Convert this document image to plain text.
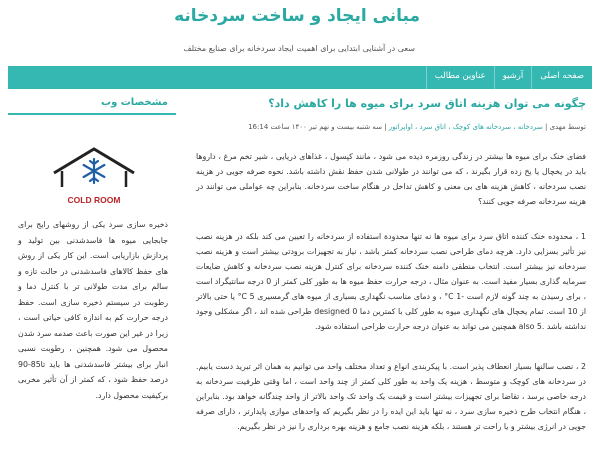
مبانی ایجاد و ساخت سردخانه
سعی در آشنایی ابتدایی برای اهمیت ایجاد سردخانه برای صنایع مختلف
صفحه اصلی
آرشیو
عناوین مطالب
چگونه می توان هزینه اتاق سرد برای میوه ها را کاهش داد؟
توسط مهدی | سردخانه ، سردخانه های کوچک ، اتاق سرد ، اواپراتور | سه شنبه بیست و نهم تیر ۱۴۰۰ ساعت 16:14
فضای خنک برای میوه ها بیشتر در زندگی روزمره دیده می شود ، مانند کپسول ، غذاهای دریایی ، شیر تخم مرغ ، داروها باید در یخچال یا یخ زده قرار بگیرند ، که می توانند در طولانی شدن حفظ نقش داشته باشد. نحوه صرفه جویی در هزینه نصب سردخانه ، کاهش هزینه های بی معنی و کاهش تداخل در هنگام ساخت سردخانه. بنابراین چه عواملی می توانند در هزینه سردخانه صرفه جویی کنند؟
1 ، محدوده خنک کننده اتاق سرد برای میوه ها نه تنها محدودة استفاده از سردخانه را تعیین می کند بلکه در هزینه نصب نیز تأثیر بسزایی دارد. هرچه دمای طراحی نصب سردخانه کمتر باشد ، نیاز به تجهیزات برودتی بیشتر است و هزینه نصب سردخانه نیز بیشتر است. انتخاب منطقی دامنه خنک کننده سردخانه برای کنترل هزینه نصب سردخانه و کاهش ضایعات سرمایه گذاری بسیار مفید است. به عنوان مثال ، درجه حرارت حفظ میوه ها به طور کلی کمتر از 0 درجه سانتیگراد است ، برای رسیدن به چند گونه لازم است -1 C° ، و دمای مناسب نگهداری بسیاری از میوه های گرمسیری 5 C° یا حتی بالاتر از 10 است. تمام یخچال های نگهداری میوه به طور کلی با کمترین دما 0 designed طراحی شده اند ، اگر مشکلی وجود نداشته باشد .5 also همچنین می تواند به عنوان درجه حرارت طراحی استفاده شود.
2 ، نصب سالنها بسیار انعطاف پذیر است. با پیکربندی انواع و تعداد مختلف واحد می توانیم به همان اثر تبرید دست یابیم. در سردخانه های کوچک و متوسط ، هزینه یک واحد به طور کلی کمتر از چند واحد است ، اما وقتی ظرفیت سردخانه به درجه خاصی برسد ، تقاضا برای تجهیزات بیشتر است و قیمت یک واحد تک واحد بالاتر از واحد چندگانه خواهد بود. بنابراین ، هنگام انتخاب طرح ذخیره سازی سرد ، نه تنها باید این ایده را در نظر بگیریم که واحدهای موازی پایدارتر ، دارای صرفه جویی در انرژی بیشتر و یا راحت تر هستند ، بلکه هزینه نصب جامع و هزینه بهره برداری را نیز در نظر بگیریم.
مشخصات وب
COLD ROOM
ذخیره سازی سرد یکی از روشهای رایج برای جابجایی میوه ها فاسدشدنی بین تولید و پردازش بازاریابی است. این کار یکی از روش های حفظ کالاهای فاسدشدنی در حالت تازه و سالم برای مدت طولانی تر با کنترل دما و رطوبت در سیستم ذخیره سازی است. حفظ درجه حرارت کم به اندازه کافی حیاتی است ، زیرا در غیر این صورت باعث صدمه سرد شدن محصول می شود. همچنین ، رطوبت نسبی انبار برای بیشتر فاسدشدنی ها باید تا85-90 درصد حفظ شود ، که کمتر از آن تأثیر مخربی برکیفیت محصول دارد.
